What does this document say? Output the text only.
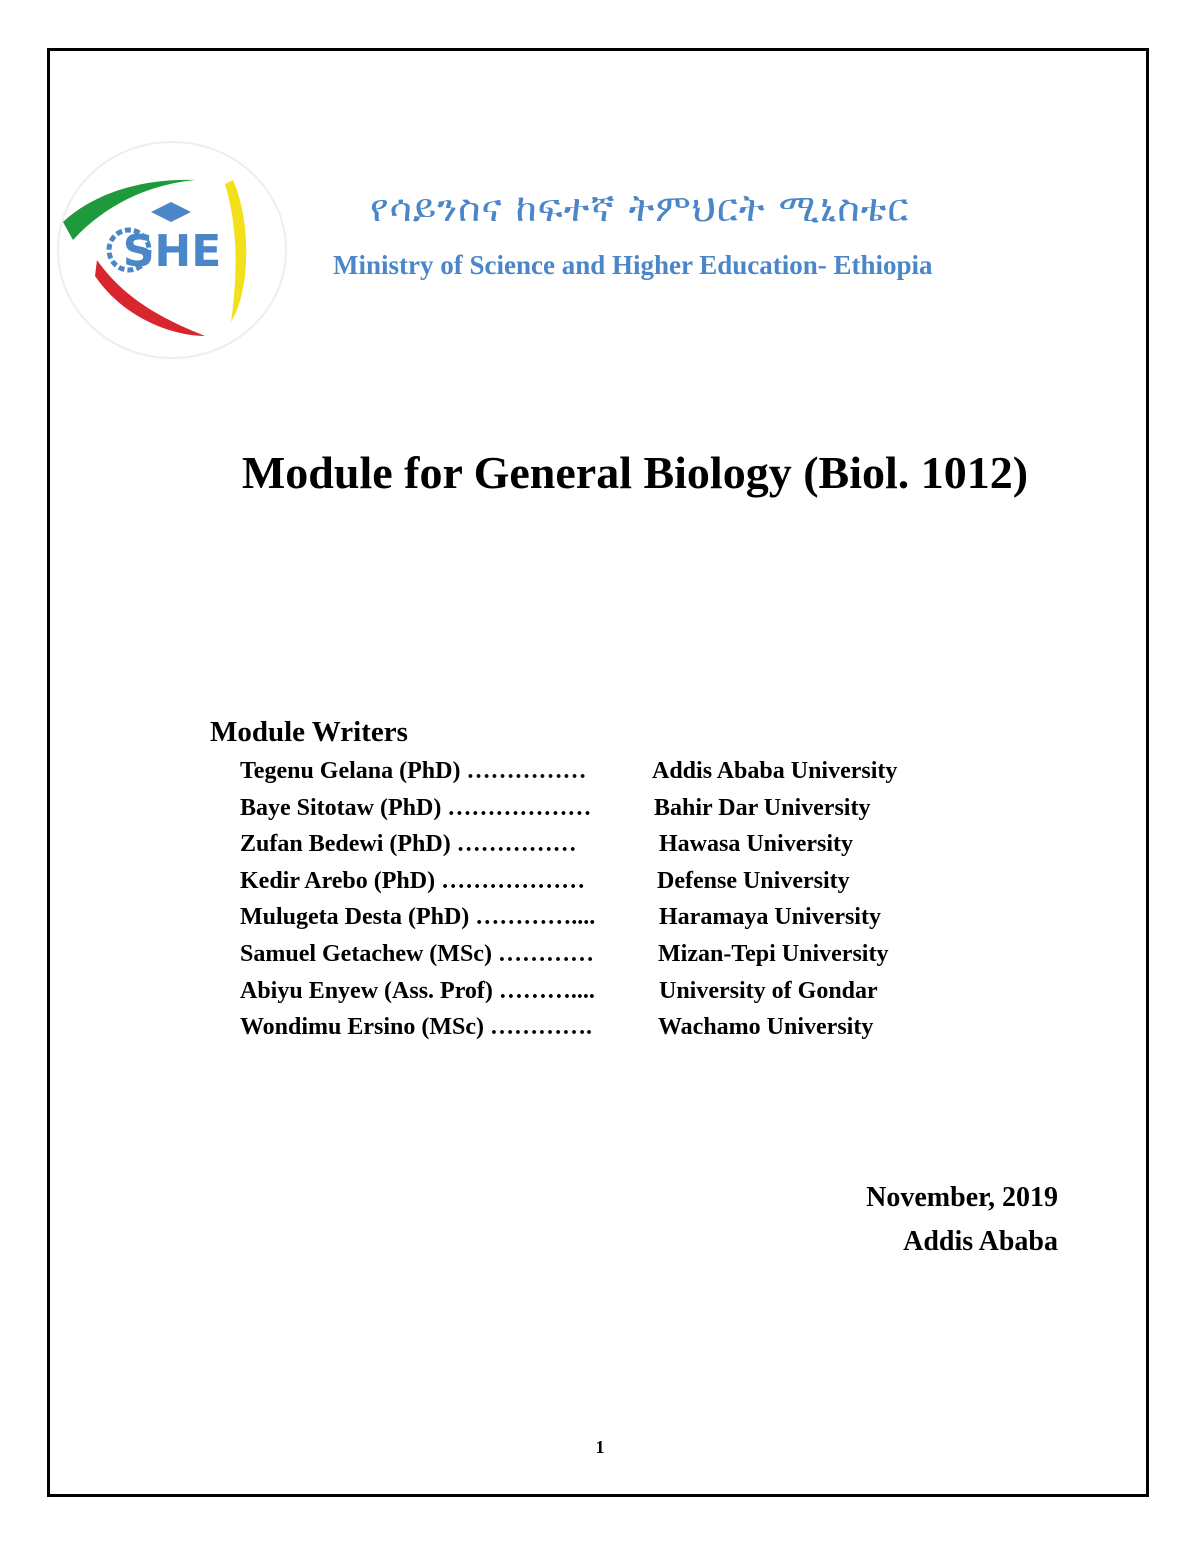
SHE
የሳይንስና ከፍተኛ ትምህርት ሚኒስቴር
Ministry of Science and Higher Education- Ethiopia
Module for General Biology (Biol. 1012)
Module Writers
Tegenu Gelana (PhD) ……………	Addis Ababa University
Baye Sitotaw (PhD) ………………	Bahir Dar University
Zufan Bedewi (PhD) ……………	Hawasa University
Kedir Arebo (PhD) ………………	Defense University
Mulugeta Desta (PhD) …………....	Haramaya University
Samuel Getachew (MSc) …………	Mizan-Tepi University
Abiyu Enyew (Ass. Prof) ………....	University of Gondar
Wondimu Ersino (MSc) ………….	Wachamo University
November, 2019
Addis Ababa
1
